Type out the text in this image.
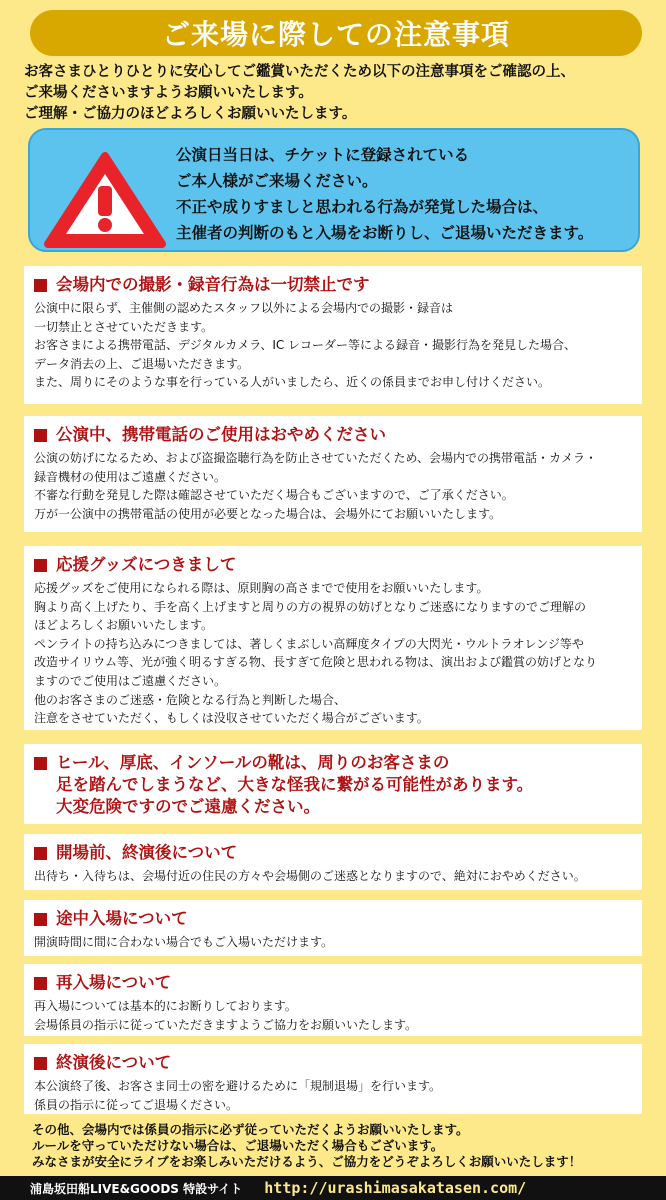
ご来場に際しての注意事項
お客さまひとりひとりに安心してご鑑賞いただくため以下の注意事項をご確認の上、
ご来場くださいますようお願いいたします。
ご理解・ご協力のほどよろしくお願いいたします。
公演日当日は、チケットに登録されている
ご本人様がご来場ください。
不正や成りすましと思われる行為が発覚した場合は、
主催者の判断のもと入場をお断りし、ご退場いただきます。
会場内での撮影・録音行為は一切禁止です
公演中に限らず、主催側の認めたスタッフ以外による会場内での撮影・録音は
一切禁止とさせていただきます。
お客さまによる携帯電話、デジタルカメラ、IC レコーダー等による録音・撮影行為を発見した場合、
データ消去の上、ご退場いただきます。
また、周りにそのような事を行っている人がいましたら、近くの係員までお申し付けください。
公演中、携帯電話のご使用はおやめください
公演の妨げになるため、および盗撮盗聴行為を防止させていただくため、会場内での携帯電話・カメラ・
録音機材の使用はご遠慮ください。
不審な行動を発見した際は確認させていただく場合もございますので、ご了承ください。
万が一公演中の携帯電話の使用が必要となった場合は、会場外にてお願いいたします。
応援グッズにつきまして
応援グッズをご使用になられる際は、原則胸の高さまでで使用をお願いいたします。
胸より高く上げたり、手を高く上げますと周りの方の視界の妨げとなりご迷惑になりますのでご理解の
ほどよろしくお願いいたします。
ペンライトの持ち込みにつきましては、著しくまぶしい高輝度タイプの大閃光・ウルトラオレンジ等や
改造サイリウム等、光が強く明るすぎる物、長すぎて危険と思われる物は、演出および鑑賞の妨げとなり
ますのでご使用はご遠慮ください。
他のお客さまのご迷惑・危険となる行為と判断した場合、
注意をさせていただく、もしくは没収させていただく場合がございます。
ヒール、厚底、インソールの靴は、周りのお客さまの
足を踏んでしまうなど、大きな怪我に繋がる可能性があります。
大変危険ですのでご遠慮ください。
開場前、終演後について
出待ち・入待ちは、会場付近の住民の方々や会場側のご迷惑となりますので、絶対におやめください。
途中入場について
開演時間に間に合わない場合でもご入場いただけます。
再入場について
再入場については基本的にお断りしております。
会場係員の指示に従っていただきますようご協力をお願いいたします。
終演後について
本公演終了後、お客さま同士の密を避けるために「規制退場」を行います。
係員の指示に従ってご退場ください。
その他、会場内では係員の指示に必ず従っていただくようお願いいたします。
ルールを守っていただけない場合は、ご退場いただく場合もございます。
みなさまが安全にライブをお楽しみいただけるよう、ご協力をどうぞよろしくお願いいたします！
浦島坂田船LIVE&GOODS 特設サイト http://urashimasakatasen.com/
